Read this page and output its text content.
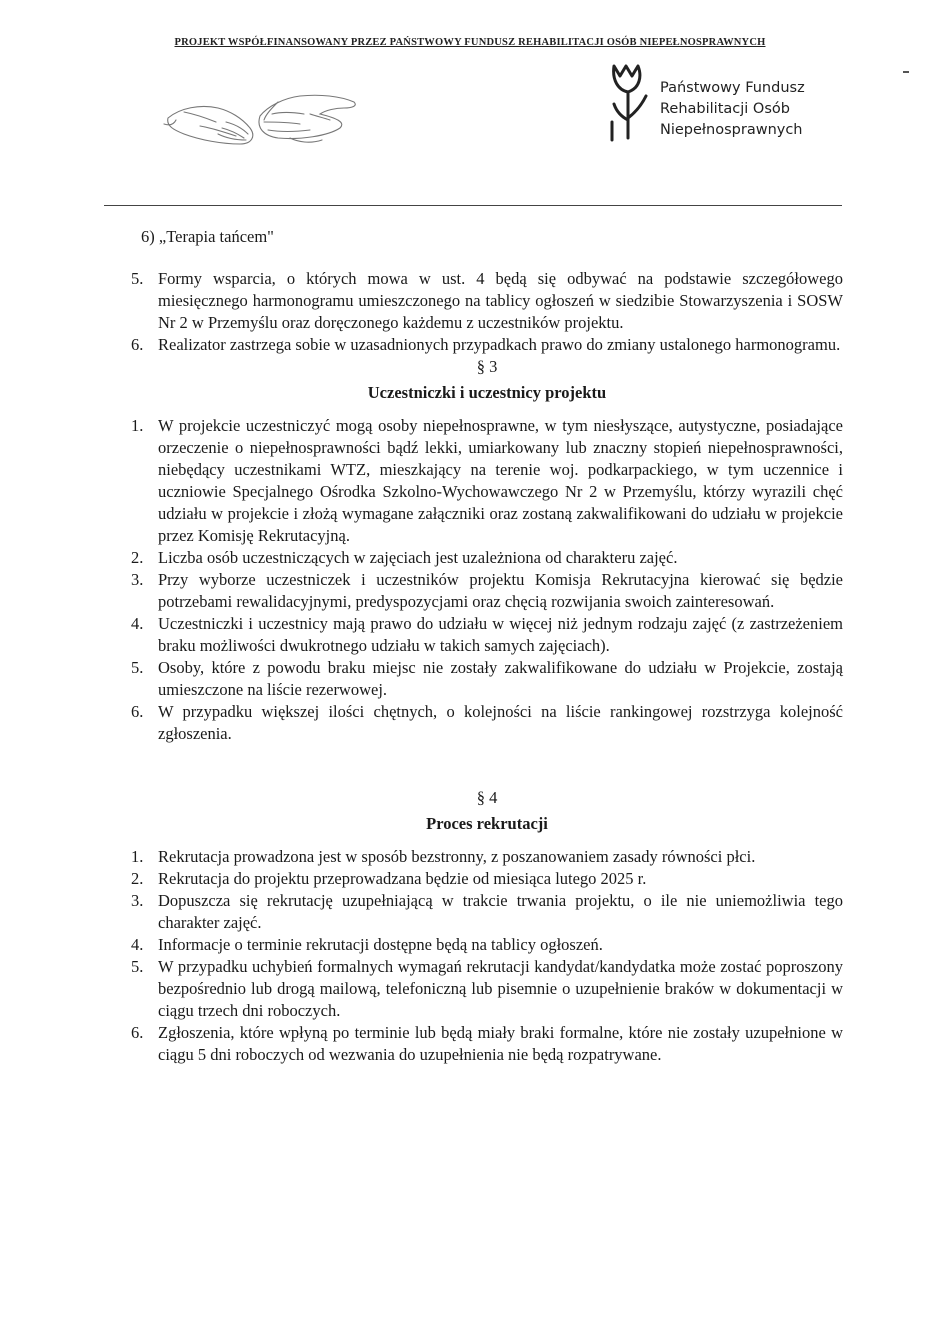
PROJEKT WSPÓŁFINANSOWANY PRZEZ PAŃSTWOWY FUNDUSZ REHABILITACJI OSÓB NIEPEŁNOSPRAWNYCH
Państwowy Fundusz
Rehabilitacji Osób
Niepełnosprawnych
6) „Terapia tańcem"
5. Formy wsparcia, o których mowa w ust. 4 będą się odbywać na podstawie szczegółowego miesięcznego harmonogramu umieszczonego na tablicy ogłoszeń w siedzibie Stowarzyszenia i SOSW Nr 2 w Przemyślu oraz doręczonego każdemu z uczestników projektu.
6. Realizator zastrzega sobie w uzasadnionych przypadkach prawo do zmiany ustalonego harmonogramu.

§ 3

Uczestniczki i uczestnicy projektu

1. W projekcie uczestniczyć mogą osoby niepełnosprawne, w tym niesłyszące, autystyczne, posiadające orzeczenie o niepełnosprawności bądź lekki, umiarkowany lub znaczny stopień niepełnosprawności, niebędący uczestnikami WTZ, mieszkający na terenie woj. podkarpackiego, w tym uczennice i uczniowie Specjalnego Ośrodka Szkolno-Wychowawczego Nr 2 w Przemyślu, którzy wyrazili chęć udziału w projekcie i złożą wymagane załączniki oraz zostaną zakwalifikowani do udziału w projekcie przez Komisję Rekrutacyjną.
2. Liczba osób uczestniczących w zajęciach jest uzależniona od charakteru zajęć.
3. Przy wyborze uczestniczek i uczestników projektu Komisja Rekrutacyjna kierować się będzie potrzebami rewalidacyjnymi, predyspozycjami oraz chęcią rozwijania swoich zainteresowań.
4. Uczestniczki i uczestnicy mają prawo do udziału w więcej niż jednym rodzaju zajęć (z zastrzeżeniem braku możliwości dwukrotnego udziału w takich samych zajęciach).
5. Osoby, które z powodu braku miejsc nie zostały zakwalifikowane do udziału w Projekcie, zostają umieszczone na liście rezerwowej.
6. W przypadku większej ilości chętnych, o kolejności na liście rankingowej rozstrzyga kolejność zgłoszenia.

§ 4

Proces rekrutacji

1. Rekrutacja prowadzona jest w sposób bezstronny, z poszanowaniem zasady równości płci.
2. Rekrutacja do projektu przeprowadzana będzie od miesiąca lutego 2025 r.
3. Dopuszcza się rekrutację uzupełniającą w trakcie trwania projektu, o ile nie uniemożliwia tego charakter zajęć.
4. Informacje o terminie rekrutacji dostępne będą na tablicy ogłoszeń.
5. W przypadku uchybień formalnych wymagań rekrutacji kandydat/kandydatka może zostać poproszony bezpośrednio lub drogą mailową, telefoniczną lub pisemnie o uzupełnienie braków w dokumentacji w ciągu trzech dni roboczych.
6. Zgłoszenia, które wpłyną po terminie lub będą miały braki formalne, które nie zostały uzupełnione w ciągu 5 dni roboczych od wezwania do uzupełnienia nie będą rozpatrywane.
